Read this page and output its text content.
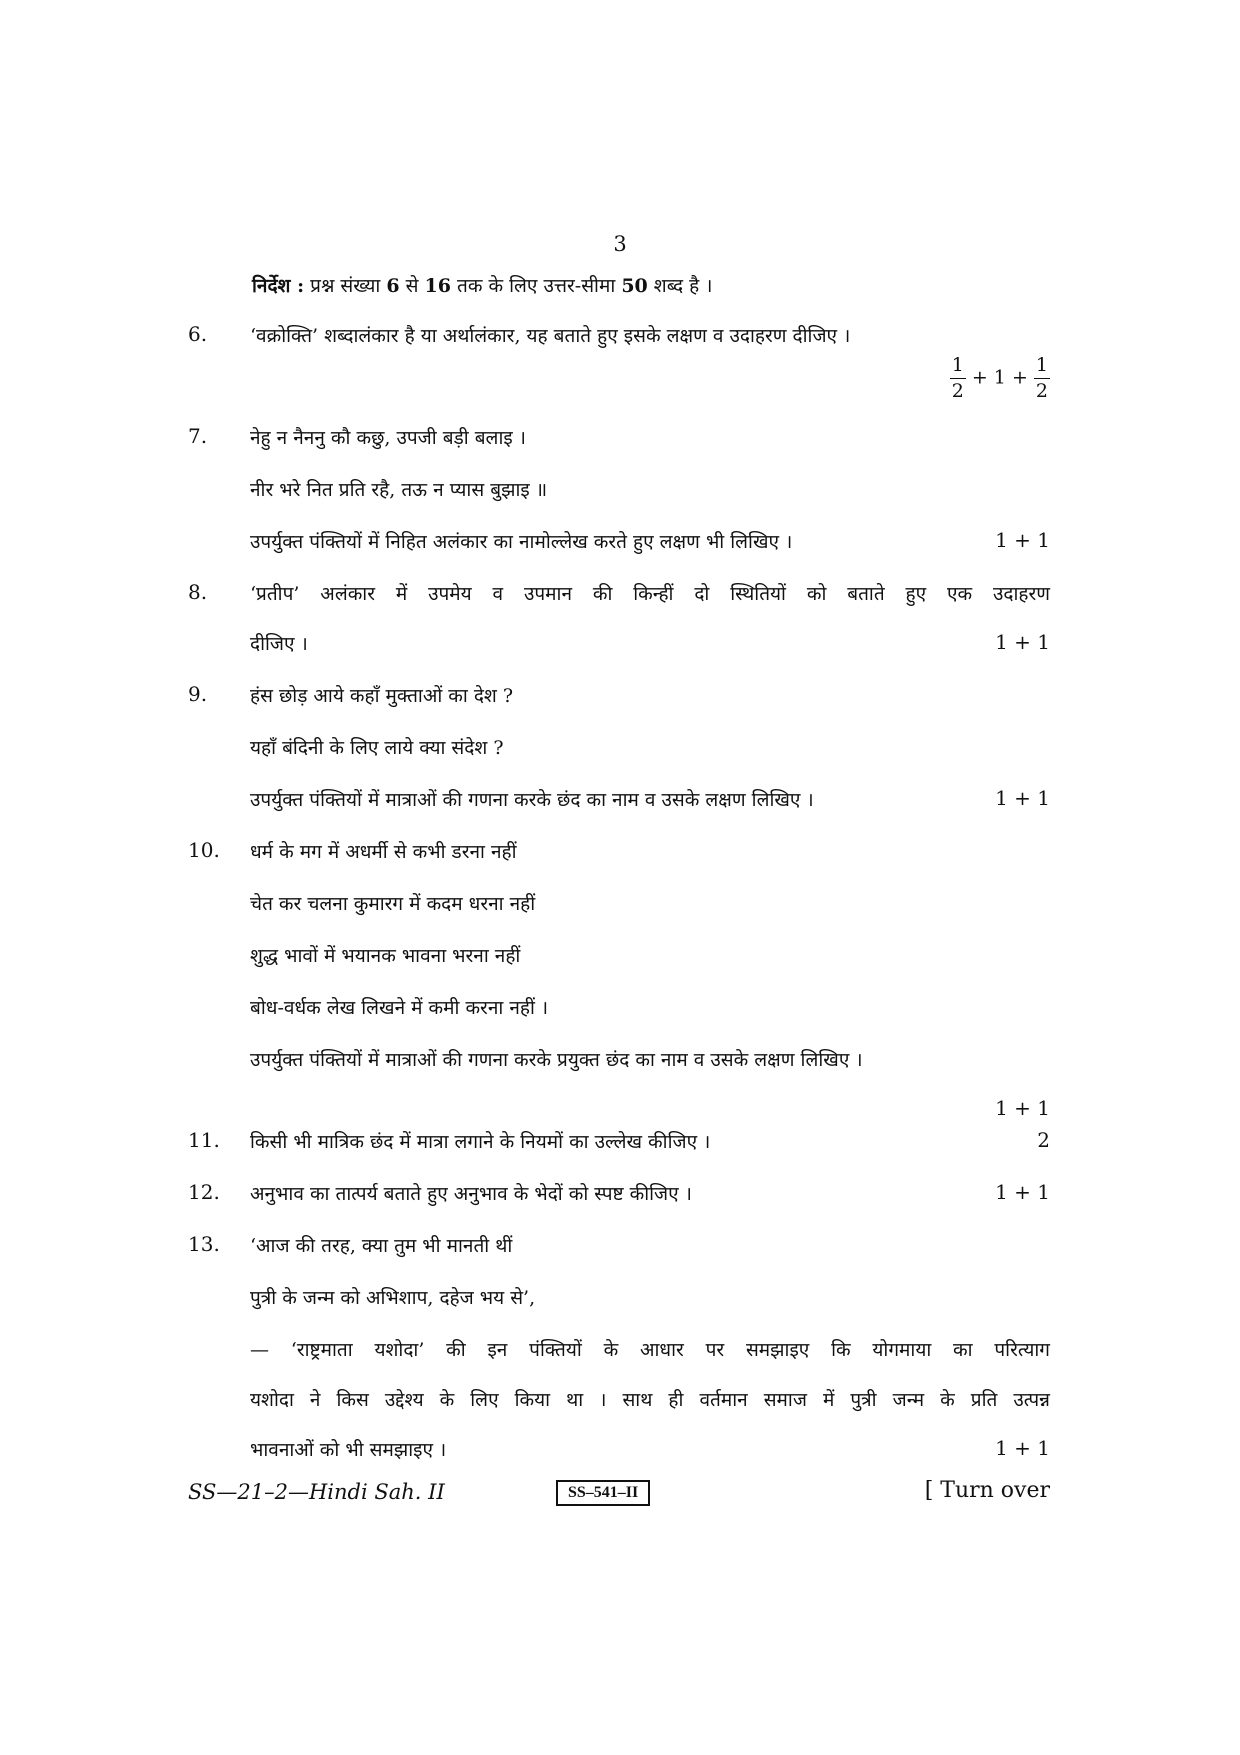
3
निर्देश : प्रश्न संख्या 6 से 16 तक के लिए उत्तर-सीमा 50 शब्द है ।
6. ‘वक्रोक्ति’ शब्दालंकार है या अर्थालंकार, यह बताते हुए इसके लक्षण व उदाहरण दीजिए ।
$\frac{1}{2} + 1 + \frac{1}{2}$
7. नेहु न नैननु कौ कछु, उपजी बड़ी बलाइ ।
नीर भरे नित प्रति रहै, तऊ न प्यास बुझाइ ॥
उपर्युक्त पंक्तियों में निहित अलंकार का नामोल्लेख करते हुए लक्षण भी लिखिए ।	1 + 1
8. ‘प्रतीप’ अलंकार में उपमेय व उपमान की किन्हीं दो स्थितियों को बताते हुए एक उदाहरण
दीजिए ।	1 + 1
9. हंस छोड़ आये कहाँ मुक्ताओं का देश ?
यहाँ बंदिनी के लिए लाये क्या संदेश ?
उपर्युक्त पंक्तियों में मात्राओं की गणना करके छंद का नाम व उसके लक्षण लिखिए ।	1 + 1
10. धर्म के मग में अधर्मी से कभी डरना नहीं
चेत कर चलना कुमारग में कदम धरना नहीं
शुद्ध भावों में भयानक भावना भरना नहीं
बोध-वर्धक लेख लिखने में कमी करना नहीं ।
उपर्युक्त पंक्तियों में मात्राओं की गणना करके प्रयुक्त छंद का नाम व उसके लक्षण लिखिए ।
1 + 1
11. किसी भी मात्रिक छंद में मात्रा लगाने के नियमों का उल्लेख कीजिए ।	2
12. अनुभाव का तात्पर्य बताते हुए अनुभाव के भेदों को स्पष्ट कीजिए ।	1 + 1
13. ‘आज की तरह, क्या तुम भी मानती थीं
पुत्री के जन्म को अभिशाप, दहेज भय से’,
— ‘राष्ट्रमाता यशोदा’ की इन पंक्तियों के आधार पर समझाइए कि योगमाया का परित्याग
यशोदा ने किस उद्देश्य के लिए किया था । साथ ही वर्तमान समाज में पुत्री जन्म के प्रति उत्पन्न
भावनाओं को भी समझाइए ।	1 + 1
SS—21–2—Hindi Sah. II	SS–541–II	[ Turn over
